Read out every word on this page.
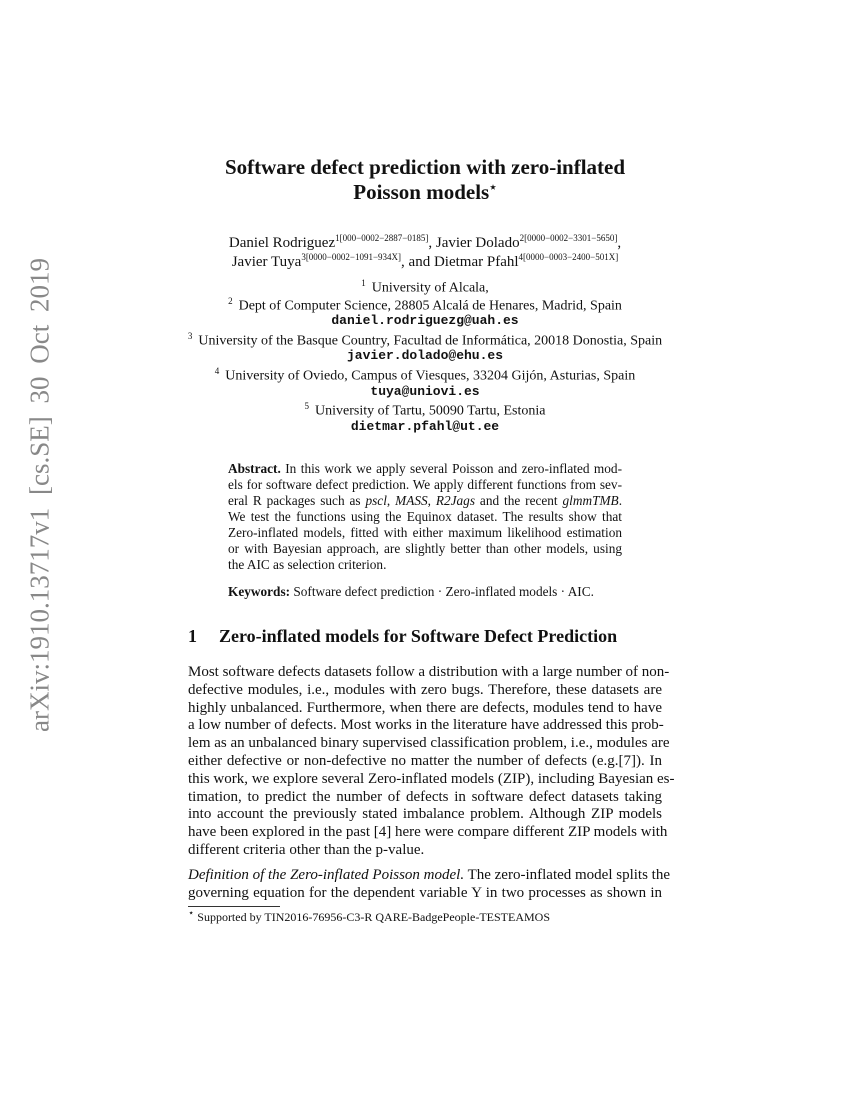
arXiv:1910.13717v1 [cs.SE] 30 Oct 2019
Software defect prediction with zero-inflated
Poisson models⋆
Daniel Rodriguez$^{1[000-0002-2887-0185]}$, Javier Dolado$^{2[0000-0002-3301-5650]}$,
Javier Tuya$^{3[0000-0002-1091-934X]}$, and Dietmar Pfahl$^{4[0000-0003-2400-501X]}$
$^1$ University of Alcala,
$^2$ Dept of Computer Science, 28805 Alcalá de Henares, Madrid, Spain
daniel.rodriguezg@uah.es
$^3$ University of the Basque Country, Facultad de Informática, 20018 Donostia, Spain
javier.dolado@ehu.es
$^4$ University of Oviedo, Campus of Viesques, 33204 Gijón, Asturias, Spain
tuya@uniovi.es
$^5$ University of Tartu, 50090 Tartu, Estonia
dietmar.pfahl@ut.ee
Abstract. In this work we apply several Poisson and zero-inflated mod-
els for software defect prediction. We apply different functions from sev-
eral R packages such as pscl, MASS, R2Jags and the recent glmmTMB.
We test the functions using the Equinox dataset. The results show that
Zero-inflated models, fitted with either maximum likelihood estimation
or with Bayesian approach, are slightly better than other models, using
the AIC as selection criterion.
Keywords: Software defect prediction · Zero-inflated models · AIC.
1 Zero-inflated models for Software Defect Prediction
Most software defects datasets follow a distribution with a large number of non-
defective modules, i.e., modules with zero bugs. Therefore, these datasets are
highly unbalanced. Furthermore, when there are defects, modules tend to have
a low number of defects. Most works in the literature have addressed this prob-
lem as an unbalanced binary supervised classification problem, i.e., modules are
either defective or non-defective no matter the number of defects (e.g.[7]). In
this work, we explore several Zero-inflated models (ZIP), including Bayesian es-
timation, to predict the number of defects in software defect datasets taking
into account the previously stated imbalance problem. Although ZIP models
have been explored in the past [4] here were compare different ZIP models with
different criteria other than the p-value.
Definition of the Zero-inflated Poisson model. The zero-inflated model splits the
governing equation for the dependent variable Y in two processes as shown in
⋆ Supported by TIN2016-76956-C3-R QARE-BadgePeople-TESTEAMOS
